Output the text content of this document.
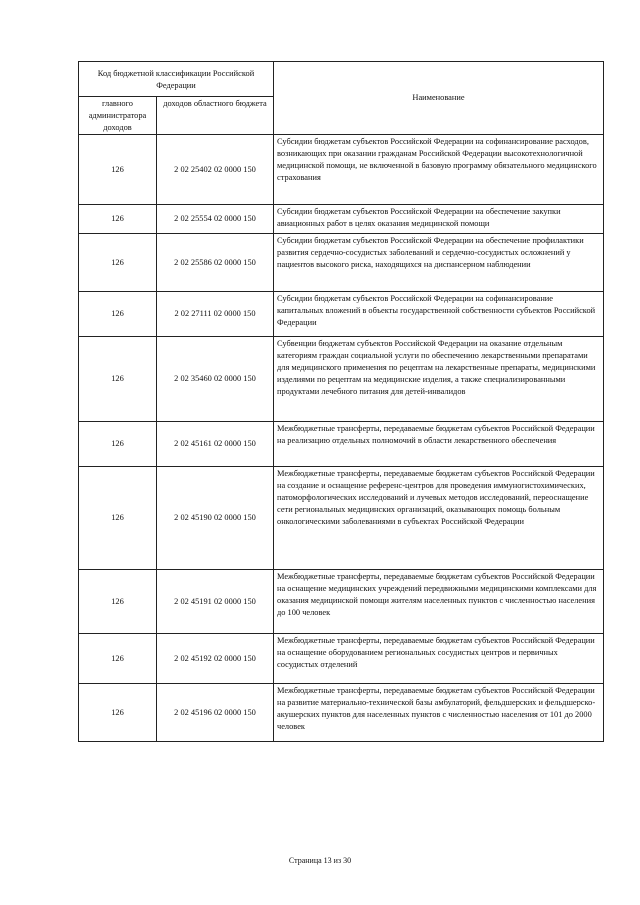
Код бюджетной классификации Российской Федерации		Наименование
главного администратора доходов	доходов областного бюджета	
126	2 02 25402 02 0000 150	Субсидии бюджетам субъектов Российской Федерации на софинансирование расходов, возникающих при оказании гражданам Российской Федерации высокотехнологичной медицинской помощи, не включенной в базовую программу обязательного медицинского страхования
126	2 02 25554 02 0000 150	Субсидии бюджетам субъектов Российской Федерации на обеспечение закупки авиационных работ в целях оказания медицинской помощи
126	2 02 25586 02 0000 150	Субсидии бюджетам субъектов Российской Федерации на обеспечение профилактики развития сердечно-сосудистых заболеваний и сердечно-сосудистых осложнений у пациентов высокого риска, находящихся на диспансерном наблюдении
126	2 02 27111 02 0000 150	Субсидии бюджетам субъектов Российской Федерации на софинансирование капитальных вложений в объекты государственной собственности субъектов Российской Федерации
126	2 02 35460 02 0000 150	Субвенции бюджетам субъектов Российской Федерации на оказание отдельным категориям граждан социальной услуги по обеспечению лекарственными препаратами для медицинского применения по рецептам на лекарственные препараты, медицинскими изделиями по рецептам на медицинские изделия, а также специализированными продуктами лечебного питания для детей-инвалидов
126	2 02 45161 02 0000 150	Межбюджетные трансферты, передаваемые бюджетам субъектов Российской Федерации на реализацию отдельных полномочий в области лекарственного обеспечения
126	2 02 45190 02 0000 150	Межбюджетные трансферты, передаваемые бюджетам субъектов Российской Федерации на создание и оснащение референс-центров для проведения иммуногистохимических, патоморфологических исследований и лучевых методов исследований, переоснащение сети региональных медицинских организаций, оказывающих помощь больным онкологическими заболеваниями в субъектах Российской Федерации
126	2 02 45191 02 0000 150	Межбюджетные трансферты, передаваемые бюджетам субъектов Российской Федерации на оснащение медицинских учреждений передвижными медицинскими комплексами для оказания медицинской помощи жителям населенных пунктов с численностью населения до 100 человек
126	2 02 45192 02 0000 150	Межбюджетные трансферты, передаваемые бюджетам субъектов Российской Федерации на оснащение оборудованием региональных сосудистых центров и первичных сосудистых отделений
126	2 02 45196 02 0000 150	Межбюджетные трансферты, передаваемые бюджетам субъектов Российской Федерации на развитие материально-технической базы амбулаторий, фельдшерских и фельдшерско-акушерских пунктов для населенных пунктов с численностью населения от 101 до 2000 человек
Страница 13 из 30
